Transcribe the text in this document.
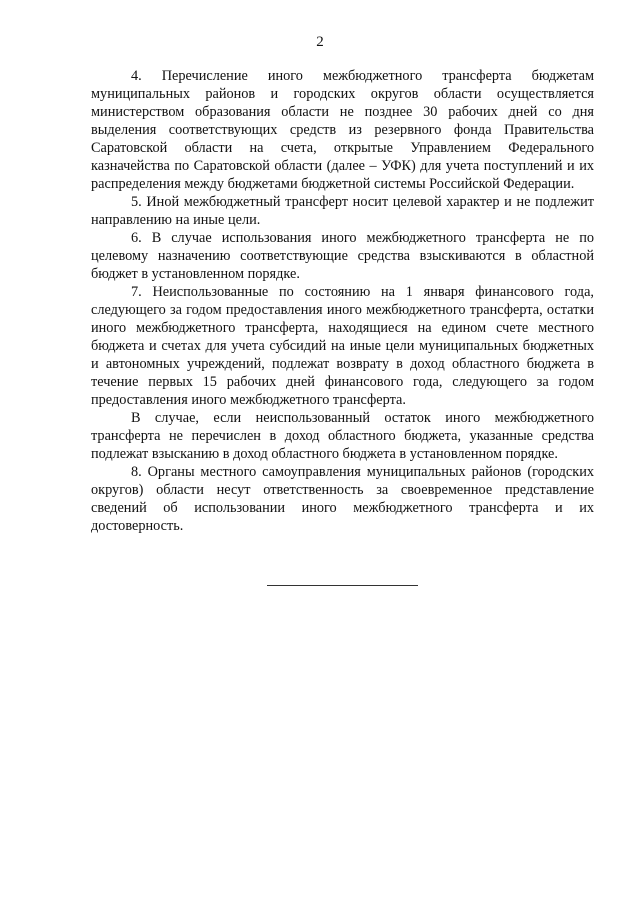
2

4. Перечисление иного межбюджетного трансферта бюджетам муниципальных районов и городских округов области осуществляется министерством образования области не позднее 30 рабочих дней со дня выделения соответствующих средств из резервного фонда Правительства Саратовской области на счета, открытые Управлением Федерального казначейства по Саратовской области (далее – УФК) для учета поступлений и их распределения между бюджетами бюджетной системы Российской Федерации.

5. Иной межбюджетный трансферт носит целевой характер и не подлежит направлению на иные цели.

6. В случае использования иного межбюджетного трансферта не по целевому назначению соответствующие средства взыскиваются в областной бюджет в установленном порядке.

7. Неиспользованные по состоянию на 1 января финансового года, следующего за годом предоставления иного межбюджетного трансферта, остатки иного межбюджетного трансферта, находящиеся на едином счете местного бюджета и счетах для учета субсидий на иные цели муниципальных бюджетных и автономных учреждений, подлежат возврату в доход областного бюджета в течение первых 15 рабочих дней финансового года, следующего за годом предоставления иного межбюджетного трансферта.

В случае, если неиспользованный остаток иного межбюджетного трансферта не перечислен в доход областного бюджета, указанные средства подлежат взысканию в доход областного бюджета в установленном порядке.

8. Органы местного самоуправления муниципальных районов (городских округов) области несут ответственность за своевременное представление сведений об использовании иного межбюджетного трансферта и их достоверность.
